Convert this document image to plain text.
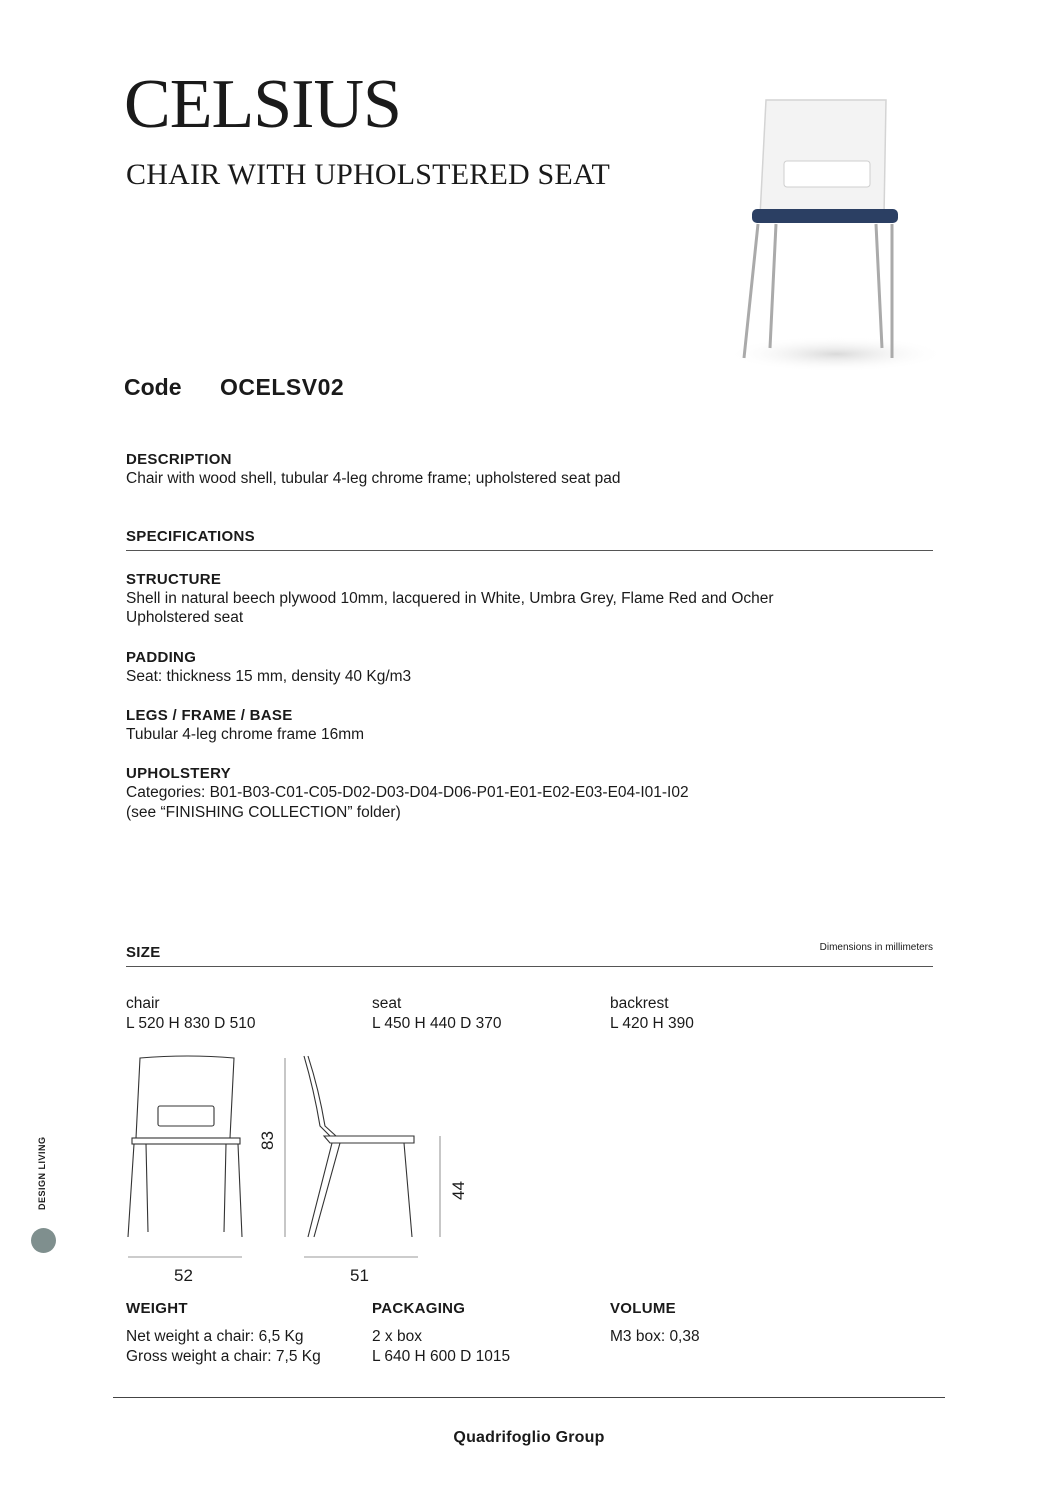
CELSIUS
CHAIR WITH UPHOLSTERED SEAT
Code OCELSV02
DESCRIPTION
Chair with wood shell, tubular 4-leg chrome frame; upholstered seat pad
SPECIFICATIONS
STRUCTURE
Shell in natural beech plywood 10mm, lacquered in White, Umbra Grey, Flame Red and Ocher
Upholstered seat
PADDING
Seat: thickness 15 mm, density 40 Kg/m3
LEGS / FRAME / BASE
Tubular 4-leg chrome frame 16mm
UPHOLSTERY
Categories: B01-B03-C01-C05-D02-D03-D04-D06-P01-E01-E02-E03-E04-I01-I02
(see “FINISHING COLLECTION” folder)
SIZE	Dimensions in millimeters
chair
L 520 H 830 D 510
seat
L 450 H 440 D 370
backrest
L 420 H 390
83
44
52	51
WEIGHT
Net weight a chair: 6,5 Kg
Gross weight a chair: 7,5 Kg
PACKAGING
2 x box
L 640 H 600 D 1015
VOLUME
M3 box: 0,38
DESIGN LIVING
Quadrifoglio Group
